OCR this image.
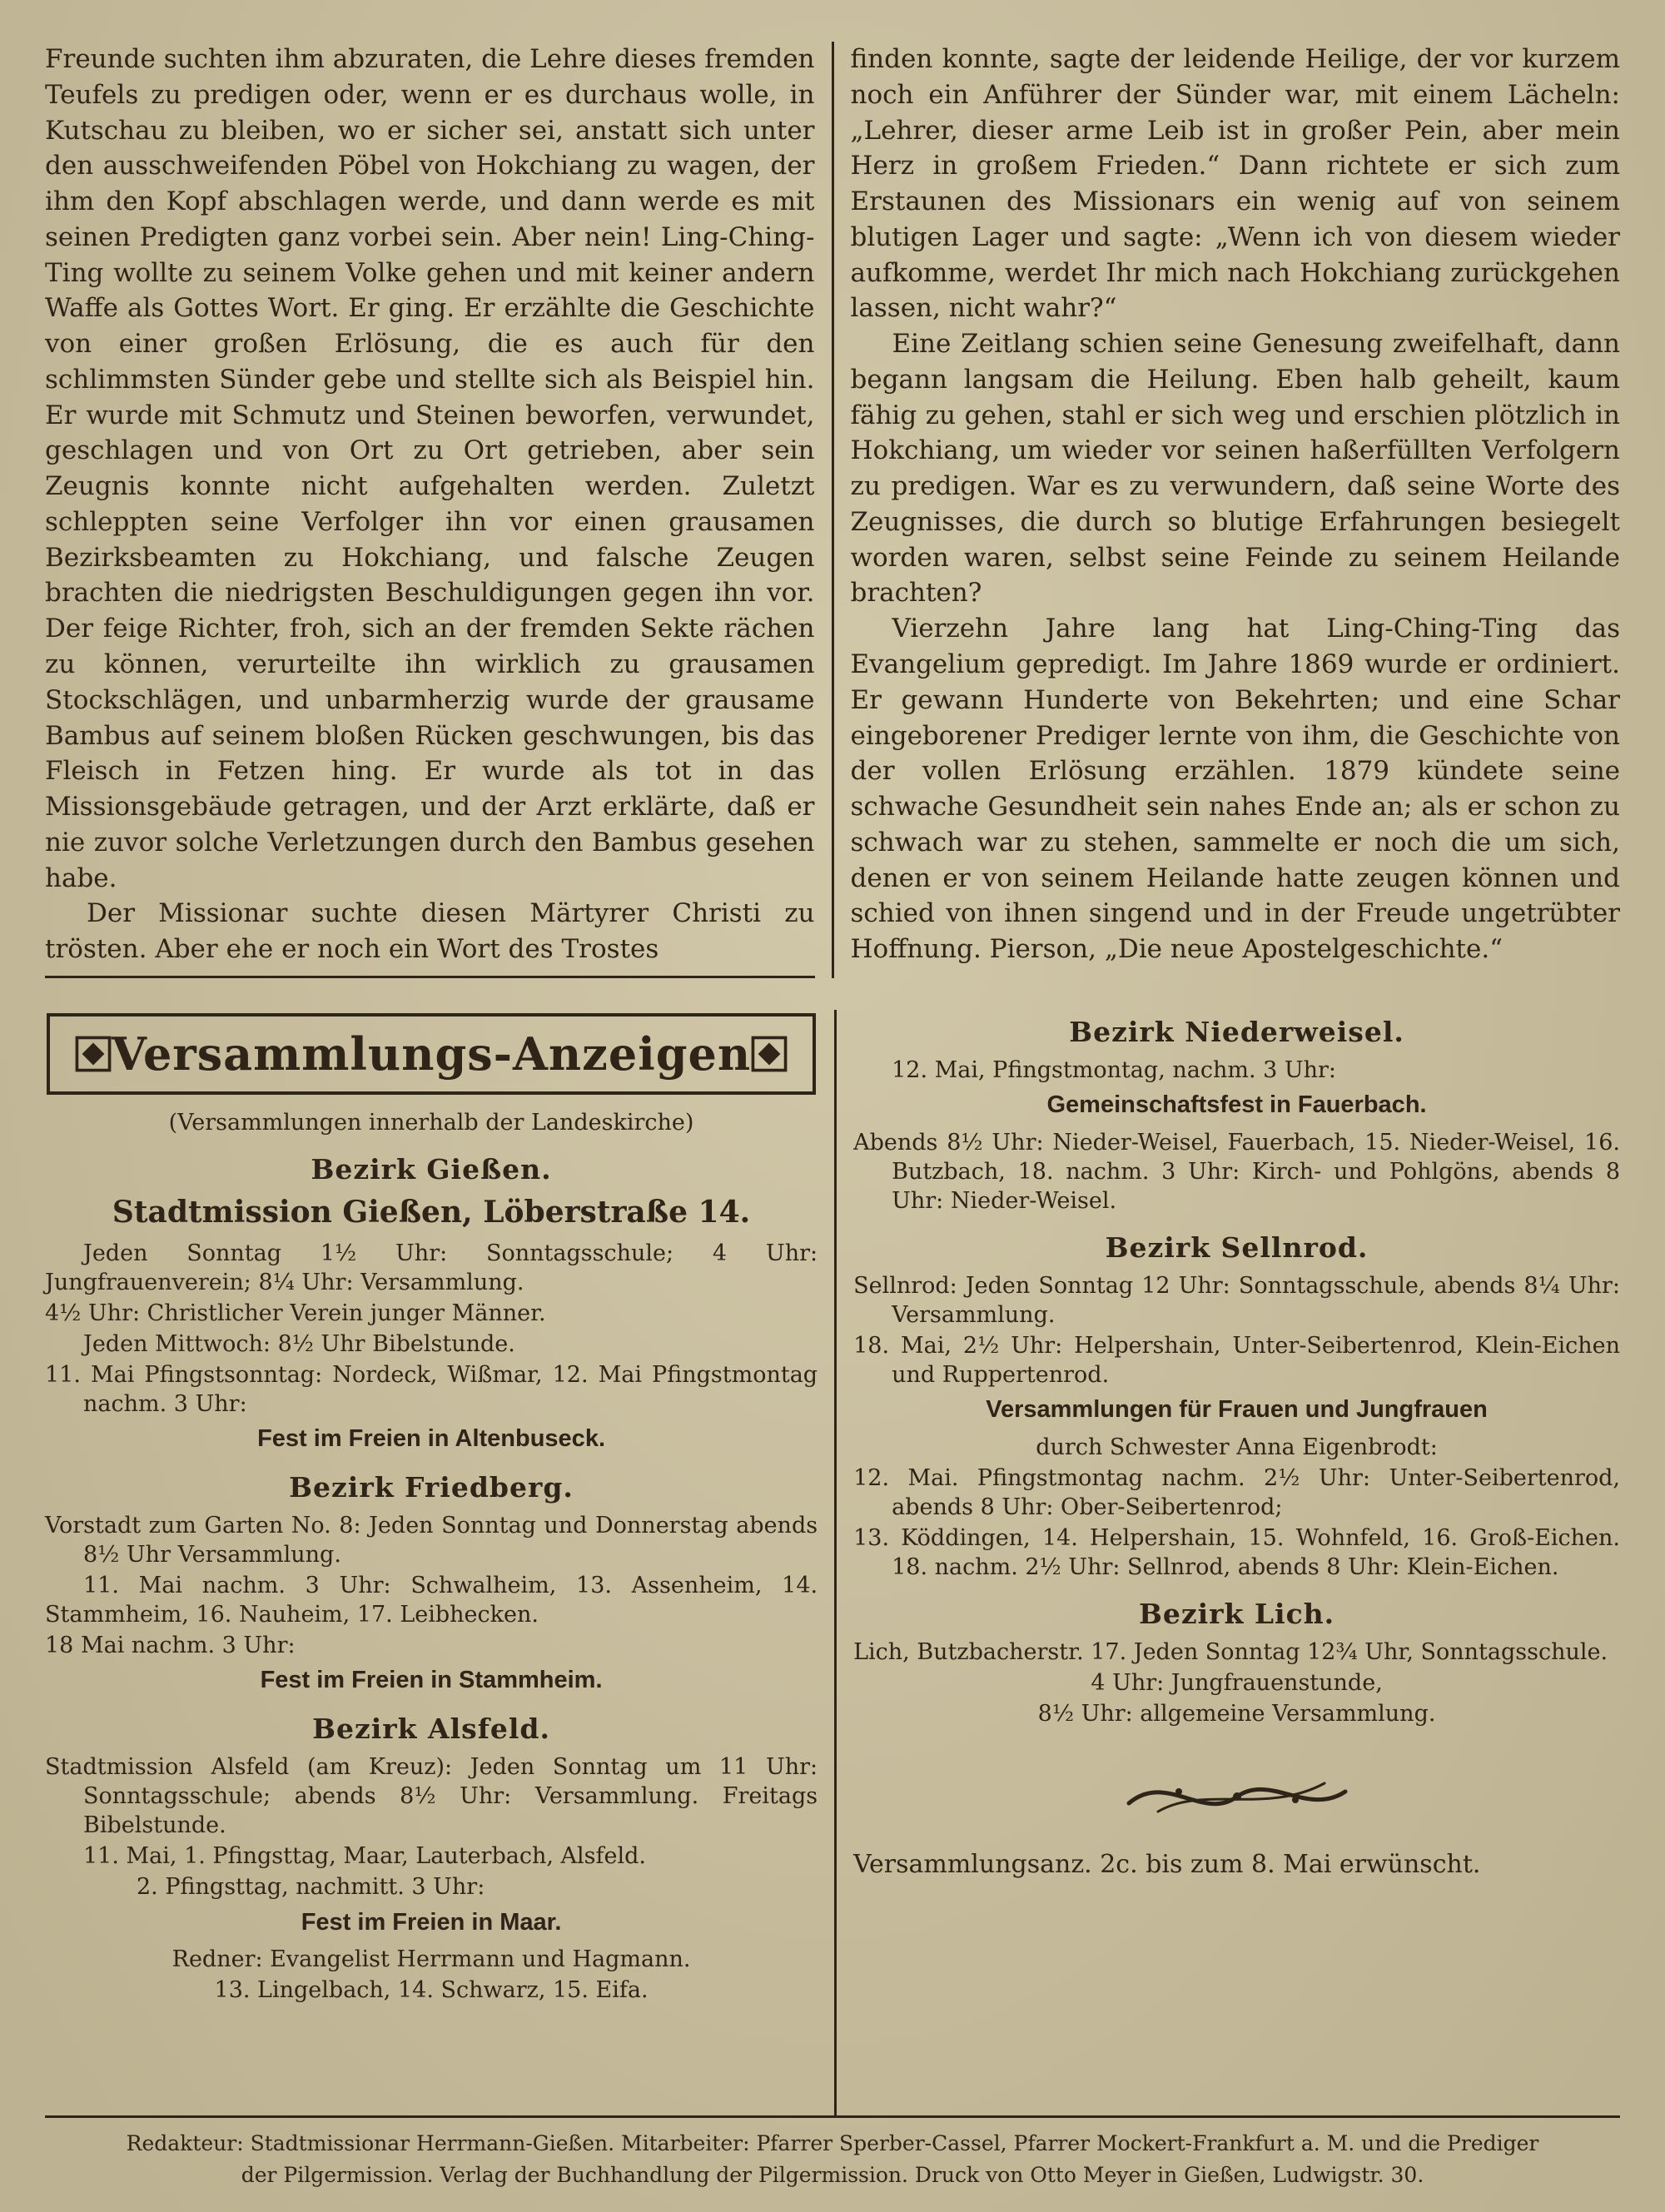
Freunde suchten ihm abzuraten, die Lehre dieses fremden Teufels zu predigen oder, wenn er es durchaus wolle, in Kutschau zu bleiben, wo er sicher sei, anstatt sich unter den ausschweifenden Pöbel von Hokchiang zu wagen, der ihm den Kopf abschlagen werde, und dann werde es mit seinen Predigten ganz vorbei sein. Aber nein! Ling-Ching-Ting wollte zu seinem Volke gehen und mit keiner andern Waffe als Gottes Wort. Er ging. Er erzählte die Geschichte von einer großen Erlösung, die es auch für den schlimmsten Sünder gebe und stellte sich als Beispiel hin. Er wurde mit Schmutz und Steinen beworfen, verwundet, geschlagen und von Ort zu Ort getrieben, aber sein Zeugnis konnte nicht aufgehalten werden. Zuletzt schleppten seine Verfolger ihn vor einen grausamen Bezirksbeamten zu Hokchiang, und falsche Zeugen brachten die niedrigsten Beschuldigungen gegen ihn vor. Der feige Richter, froh, sich an der fremden Sekte rächen zu können, verurteilte ihn wirklich zu grausamen Stockschlägen, und unbarmherzig wurde der grausame Bambus auf seinem bloßen Rücken geschwungen, bis das Fleisch in Fetzen hing. Er wurde als tot in das Missionsgebäude getragen, und der Arzt erklärte, daß er nie zuvor solche Verletzungen durch den Bambus gesehen habe.

Der Missionar suchte diesen Märtyrer Christi zu trösten. Aber ehe er noch ein Wort des Trostes

finden konnte, sagte der leidende Heilige, der vor kurzem noch ein Anführer der Sünder war, mit einem Lächeln: „Lehrer, dieser arme Leib ist in großer Pein, aber mein Herz in großem Frieden.“ Dann richtete er sich zum Erstaunen des Missionars ein wenig auf von seinem blutigen Lager und sagte: „Wenn ich von diesem wieder aufkomme, werdet Ihr mich nach Hokchiang zurückgehen lassen, nicht wahr?“

Eine Zeitlang schien seine Genesung zweifelhaft, dann begann langsam die Heilung. Eben halb geheilt, kaum fähig zu gehen, stahl er sich weg und erschien plötzlich in Hokchiang, um wieder vor seinen haßerfüllten Verfolgern zu predigen. War es zu verwundern, daß seine Worte des Zeugnisses, die durch so blutige Erfahrungen besiegelt worden waren, selbst seine Feinde zu seinem Heilande brachten?

Vierzehn Jahre lang hat Ling-Ching-Ting das Evangelium gepredigt. Im Jahre 1869 wurde er ordiniert. Er gewann Hunderte von Bekehrten; und eine Schar eingeborener Prediger lernte von ihm, die Geschichte von der vollen Erlösung erzählen. 1879 kündete seine schwache Gesundheit sein nahes Ende an; als er schon zu schwach war zu stehen, sammelte er noch die um sich, denen er von seinem Heilande hatte zeugen können und schied von ihnen singend und in der Freude ungetrübter Hoffnung. Pierson, „Die neue Apostelgeschichte.“

Versammlungs-Anzeigen

(Versammlungen innerhalb der Landeskirche)

Bezirk Gießen.

Stadtmission Gießen, Löberstraße 14.

Jeden Sonntag 1½ Uhr: Sonntagsschule; 4 Uhr: Jungfrauenverein; 8¼ Uhr: Versammlung.

4½ Uhr: Christlicher Verein junger Männer.

Jeden Mittwoch: 8½ Uhr Bibelstunde.

11. Mai Pfingstsonntag: Nordeck, Wißmar, 12. Mai Pfingstmontag nachm. 3 Uhr:

Fest im Freien in Altenbuseck.

Bezirk Friedberg.

Vorstadt zum Garten No. 8: Jeden Sonntag und Donnerstag abends 8½ Uhr Versammlung.

11. Mai nachm. 3 Uhr: Schwalheim, 13. Assenheim, 14. Stammheim, 16. Nauheim, 17. Leibhecken.

18 Mai nachm. 3 Uhr:

Fest im Freien in Stammheim.

Bezirk Alsfeld.

Stadtmission Alsfeld (am Kreuz): Jeden Sonntag um 11 Uhr: Sonntagsschule; abends 8½ Uhr: Versammlung. Freitags Bibelstunde.

11. Mai, 1. Pfingsttag, Maar, Lauterbach, Alsfeld.

2. Pfingsttag, nachmitt. 3 Uhr:

Fest im Freien in Maar.

Redner: Evangelist Herrmann und Hagmann.

13. Lingelbach, 14. Schwarz, 15. Eifa.

Bezirk Niederweisel.

12. Mai, Pfingstmontag, nachm. 3 Uhr:

Gemeinschaftsfest in Fauerbach.

Abends 8½ Uhr: Nieder-Weisel, Fauerbach, 15. Nieder-Weisel, 16. Butzbach, 18. nachm. 3 Uhr: Kirch- und Pohlgöns, abends 8 Uhr: Nieder-Weisel.

Bezirk Sellnrod.

Sellnrod: Jeden Sonntag 12 Uhr: Sonntagsschule, abends 8¼ Uhr: Versammlung.

18. Mai, 2½ Uhr: Helpershain, Unter-Seibertenrod, Klein-Eichen und Ruppertenrod.

Versammlungen für Frauen und Jungfrauen

durch Schwester Anna Eigenbrodt:

12. Mai. Pfingstmontag nachm. 2½ Uhr: Unter-Seibertenrod, abends 8 Uhr: Ober-Seibertenrod;

13. Köddingen, 14. Helpershain, 15. Wohnfeld, 16. Groß-Eichen. 18. nachm. 2½ Uhr: Sellnrod, abends 8 Uhr: Klein-Eichen.

Bezirk Lich.

Lich, Butzbacherstr. 17. Jeden Sonntag 12¾ Uhr, Sonntagsschule.

4 Uhr: Jungfrauenstunde,

8½ Uhr: allgemeine Versammlung.

Versammlungsanz. 2c. bis zum 8. Mai erwünscht.

Redakteur: Stadtmissionar Herrmann-Gießen. Mitarbeiter: Pfarrer Sperber-Cassel, Pfarrer Mockert-Frankfurt a. M. und die Prediger

der Pilgermission. Verlag der Buchhandlung der Pilgermission. Druck von Otto Meyer in Gießen, Ludwigstr. 30.
